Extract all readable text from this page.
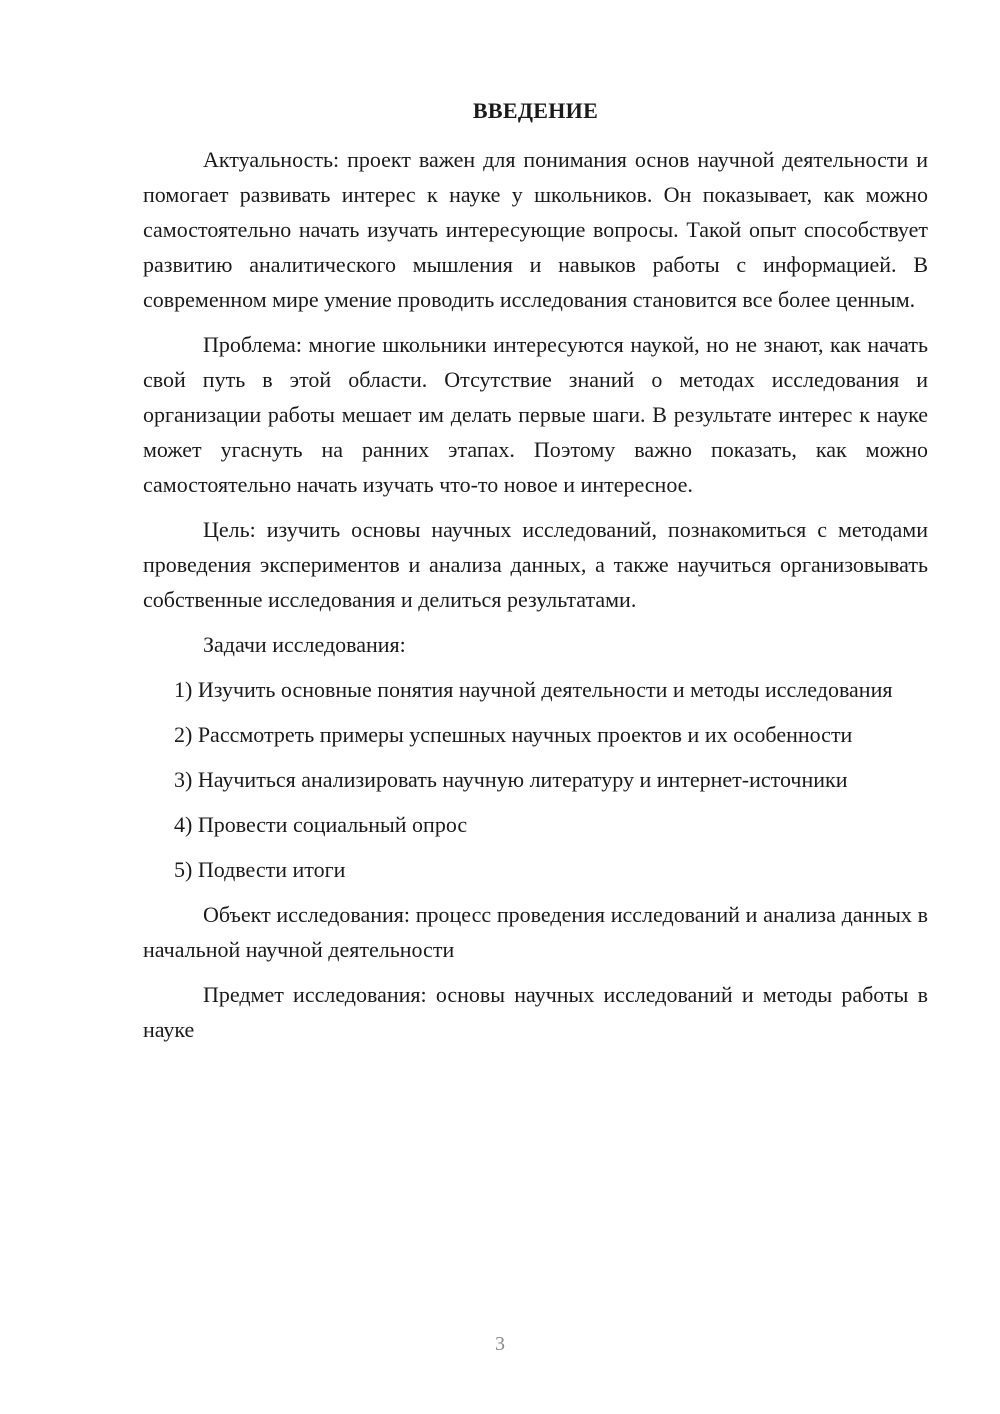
ВВЕДЕНИЕ

Актуальность: проект важен для понимания основ научной деятельности и помогает развивать интерес к науке у школьников. Он показывает, как можно самостоятельно начать изучать интересующие вопросы. Такой опыт способствует развитию аналитического мышления и навыков работы с информацией. В современном мире умение проводить исследования становится все более ценным.

Проблема: многие школьники интересуются наукой, но не знают, как начать свой путь в этой области. Отсутствие знаний о методах исследования и организации работы мешает им делать первые шаги. В результате интерес к науке может угаснуть на ранних этапах. Поэтому важно показать, как можно самостоятельно начать изучать что-то новое и интересное.

Цель: изучить основы научных исследований, познакомиться с методами проведения экспериментов и анализа данных, а также научиться организовывать собственные исследования и делиться результатами.

Задачи исследования:

1) Изучить основные понятия научной деятельности и методы исследования

2) Рассмотреть примеры успешных научных проектов и их особенности

3) Научиться анализировать научную литературу и интернет-источники

4) Провести социальный опрос

5) Подвести итоги

Объект исследования: процесс проведения исследований и анализа данных в начальной научной деятельности

Предмет исследования: основы научных исследований и методы работы в науке

3
